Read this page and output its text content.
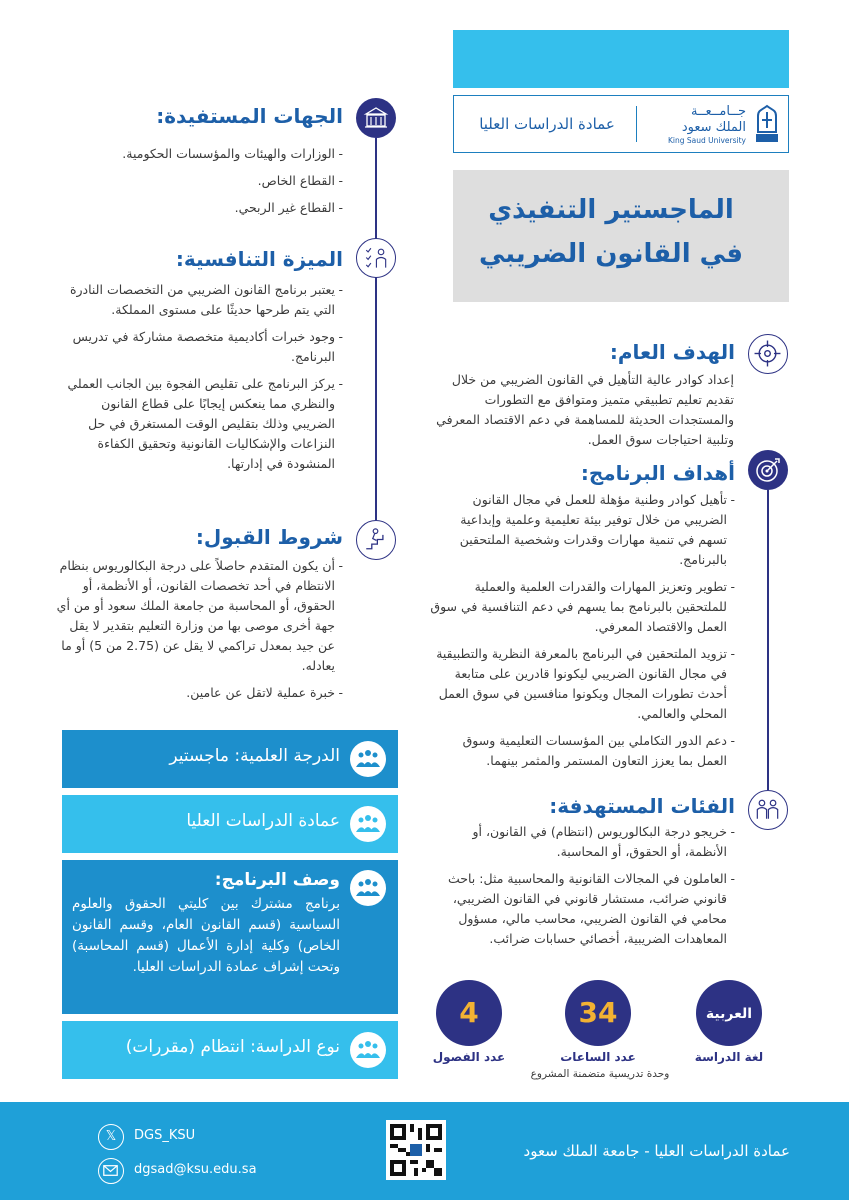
عمادة الدراسات العليا
جــامــعــة
الملك سعود
King Saud University
الماجستير التنفيذي
في القانون الضريبي
الهدف العام:
إعداد كوادر عالية التأهيل في القانون الضريبي من خلال تقديم تعليم تطبيقي متميز ومتوافق مع التطورات والمستجدات الحديثة للمساهمة في دعم الاقتصاد المعرفي وتلبية احتياجات سوق العمل.
أهداف البرنامج:
- تأهيل كوادر وطنية مؤهلة للعمل في مجال القانون الضريبي من خلال توفير بيئة تعليمية وعلمية وإبداعية تسهم في تنمية مهارات وقدرات وشخصية الملتحقين بالبرنامج.
- تطوير وتعزيز المهارات والقدرات العلمية والعملية للملتحقين بالبرنامج بما يسهم في دعم التنافسية في سوق العمل والاقتصاد المعرفي.
- تزويد الملتحقين في البرنامج بالمعرفة النظرية والتطبيقية في مجال القانون الضريبي ليكونوا قادرين على متابعة أحدث تطورات المجال ويكونوا منافسين في سوق العمل المحلي والعالمي.
- دعم الدور التكاملي بين المؤسسات التعليمية وسوق العمل بما يعزز التعاون المستمر والمثمر بينهما.
الفئات المستهدفة:
- خريجو درجة البكالوريوس (انتظام) في القانون، أو الأنظمة، أو الحقوق، أو المحاسبة.
- العاملون في المجالات القانونية والمحاسبية مثل: باحث قانوني ضرائب، مستشار قانوني في القانون الضريبي، محامي في القانون الضريبي، محاسب مالي، مسؤول المعاهدات الضريبية، أخصائي حسابات ضرائب.
العربية
لغة الدراسة
34
عدد الساعات
4
عدد الفصول
وحدة تدريسية متضمنة المشروع
الجهات المستفيدة:
- الوزارات والهيئات والمؤسسات الحكومية.
- القطاع الخاص.
- القطاع غير الربحي.
الميزة التنافسية:
- يعتبر برنامج القانون الضريبي من التخصصات النادرة التي يتم طرحها حديثًا على مستوى المملكة.
- وجود خبرات أكاديمية متخصصة مشاركة في تدريس البرنامج.
- يركز البرنامج على تقليص الفجوة بين الجانب العملي والنظري مما ينعكس إيجابًا على قطاع القانون الضريبي وذلك بتقليص الوقت المستغرق في حل النزاعات والإشكاليات القانونية وتحقيق الكفاءة المنشودة في إدارتها.
شروط القبول:
- أن يكون المتقدم حاصلاً على درجة البكالوريوس بنظام الانتظام في أحد تخصصات القانون، أو الأنظمة، أو الحقوق، أو المحاسبة من جامعة الملك سعود أو من أي جهة أخرى موصى بها من وزارة التعليم بتقدير لا يقل عن جيد بمعدل تراكمي لا يقل عن (2.75 من 5) أو ما يعادله.
- خبرة عملية لاتقل عن عامين.
الدرجة العلمية: ماجستير
عمادة الدراسات العليا
وصف البرنامج:
برنامج مشترك بين كليتي الحقوق والعلوم السياسية (قسم القانون العام، وقسم القانون الخاص) وكلية إدارة الأعمال (قسم المحاسبة) وتحت إشراف عمادة الدراسات العليا.
نوع الدراسة: انتظام (مقررات)
𝕏	DGS_KSU
dgsad@ksu.edu.sa
عمادة الدراسات العليا - جامعة الملك سعود
